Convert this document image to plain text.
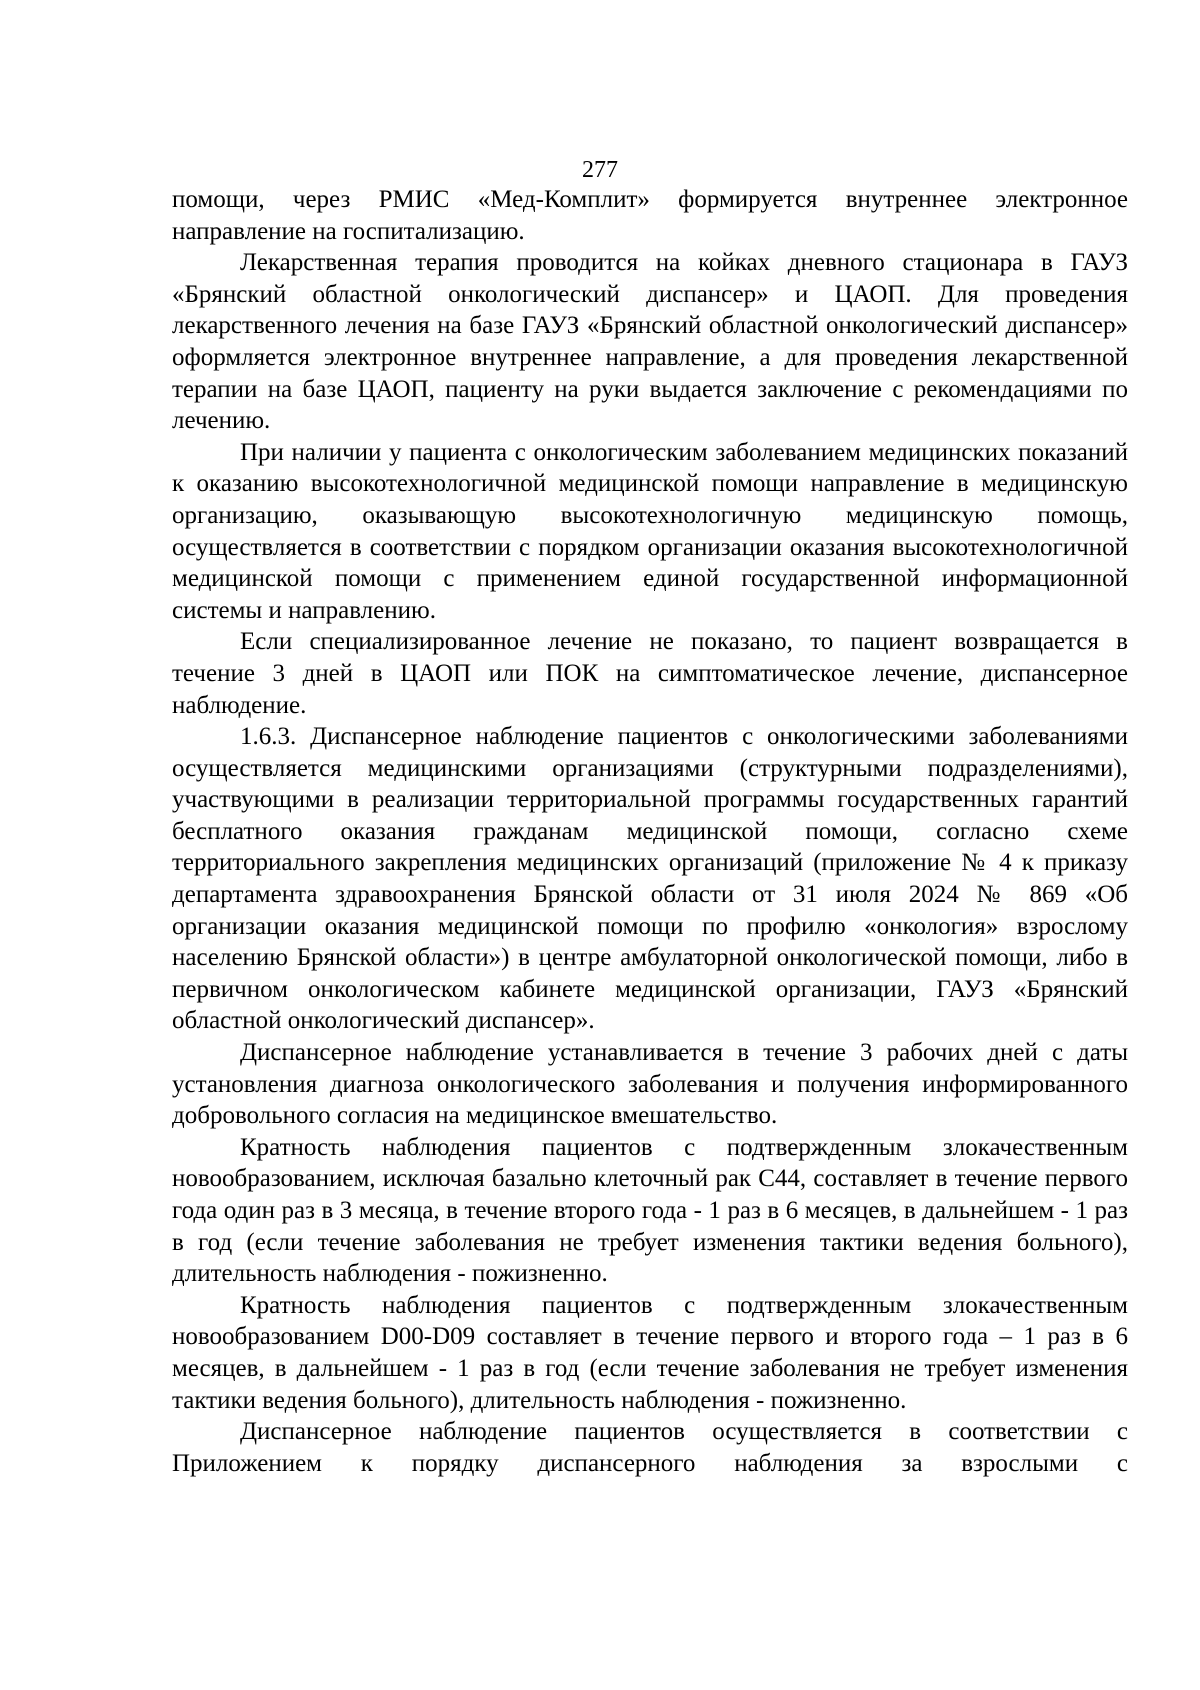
277

помощи, через РМИС «Мед-Комплит» формируется внутреннее электронное направление на госпитализацию.

Лекарственная терапия проводится на койках дневного стационара в ГАУЗ «Брянский областной онкологический диспансер» и ЦАОП. Для проведения лекарственного лечения на базе ГАУЗ «Брянский областной онкологический диспансер» оформляется электронное внутреннее направление, а для проведения лекарственной терапии на базе ЦАОП, пациенту на руки выдается заключение с рекомендациями по лечению.

При наличии у пациента с онкологическим заболеванием медицинских показаний к оказанию высокотехнологичной медицинской помощи направление в медицинскую организацию, оказывающую высокотехнологичную медицинскую помощь, осуществляется в соответствии с порядком организации оказания высокотехнологичной медицинской помощи с применением единой государственной информационной системы и направлению.

Если специализированное лечение не показано, то пациент возвращается в течение 3 дней в ЦАОП или ПОК на симптоматическое лечение, диспансерное наблюдение.

1.6.3. Диспансерное наблюдение пациентов с онкологическими заболеваниями осуществляется медицинскими организациями (структурными подразделениями), участвующими в реализации территориальной программы государственных гарантий бесплатного оказания гражданам медицинской помощи, согласно схеме территориального закрепления медицинских организаций (приложение № 4 к приказу департамента здравоохранения Брянской области от 31 июля 2024 № 869 «Об организации оказания медицинской помощи по профилю «онкология» взрослому населению Брянской области») в центре амбулаторной онкологической помощи, либо в первичном онкологическом кабинете медицинской организации, ГАУЗ «Брянский областной онкологический диспансер».

Диспансерное наблюдение устанавливается в течение 3 рабочих дней с даты установления диагноза онкологического заболевания и получения информированного добровольного согласия на медицинское вмешательство.

Кратность наблюдения пациентов с подтвержденным злокачественным новообразованием, исключая базально клеточный рак С44, составляет в течение первого года один раз в 3 месяца, в течение второго года - 1 раз в 6 месяцев, в дальнейшем - 1 раз в год (если течение заболевания не требует изменения тактики ведения больного), длительность наблюдения - пожизненно.

Кратность наблюдения пациентов с подтвержденным злокачественным новообразованием D00-D09 составляет в течение первого и второго года – 1 раз в 6 месяцев, в дальнейшем - 1 раз в год (если течение заболевания не требует изменения тактики ведения больного), длительность наблюдения - пожизненно.

Диспансерное наблюдение пациентов осуществляется в соответствии с Приложением к порядку диспансерного наблюдения за взрослыми с
